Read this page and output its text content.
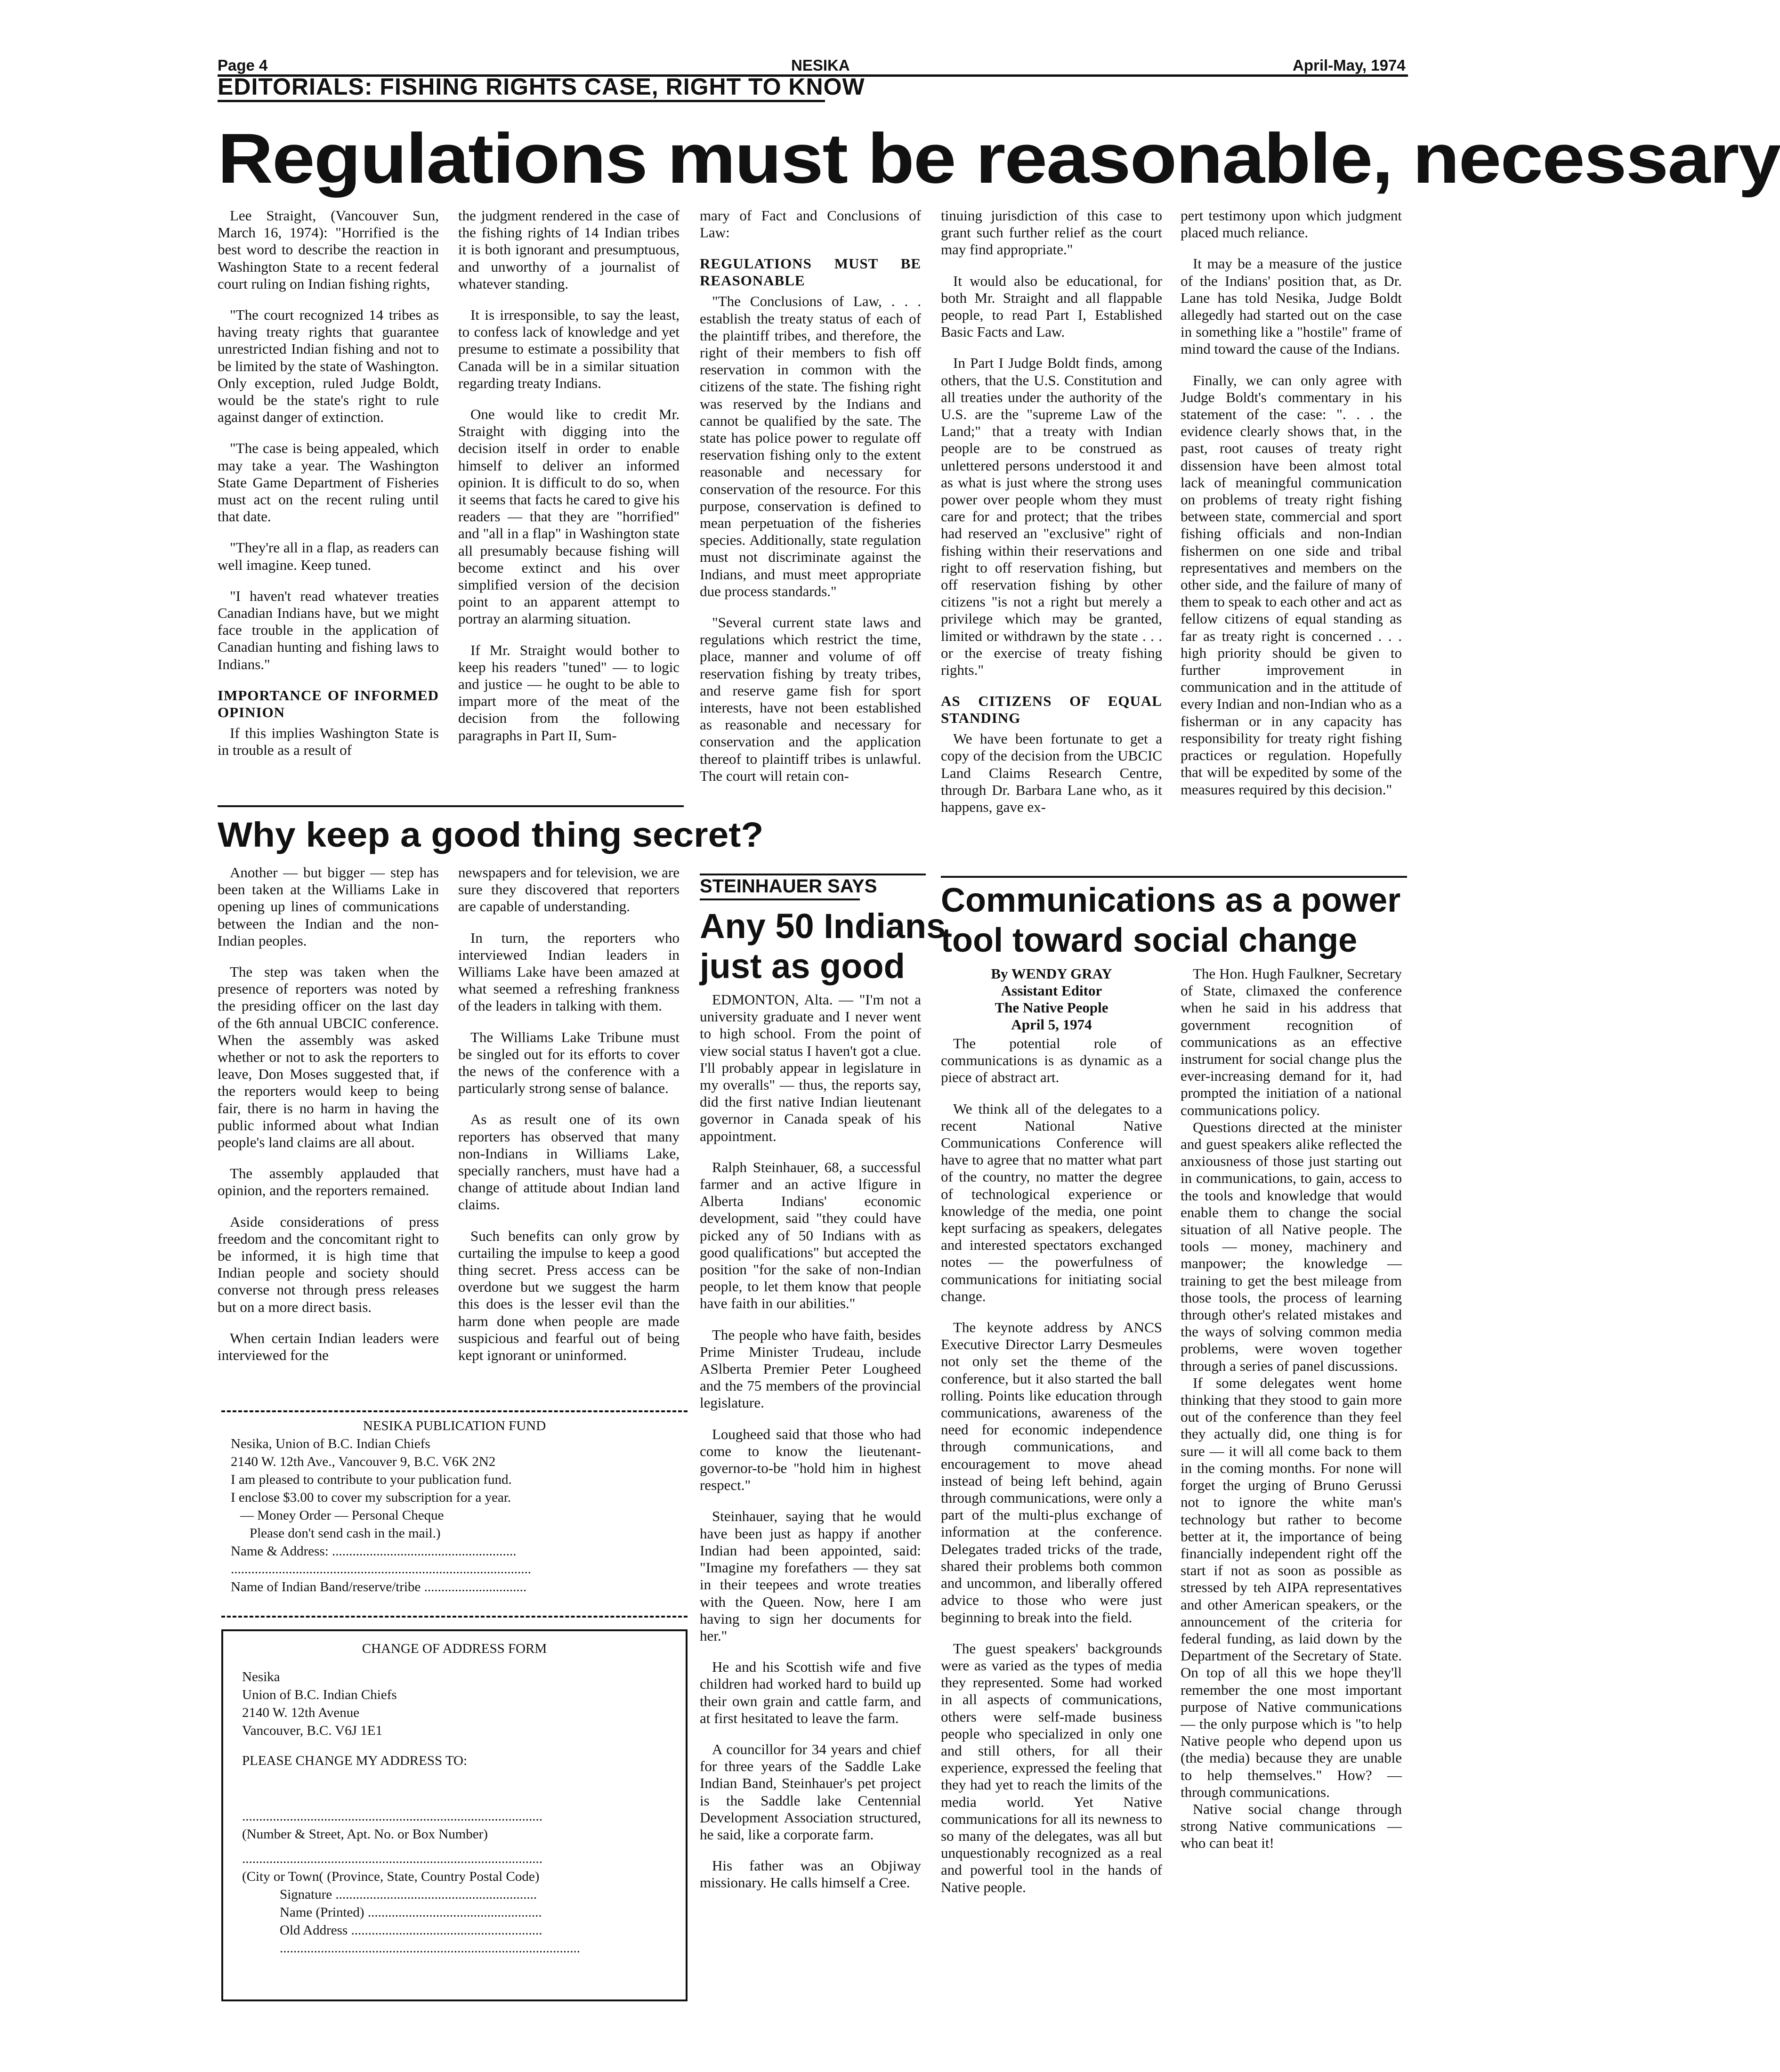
Page 4	NESIKA	April-May, 1974
EDITORIALS: FISHING RIGHTS CASE, RIGHT TO KNOW
Regulations must be reasonable, necessary

Lee Straight, (Vancouver Sun, March 16, 1974): "Horrified is the best word to describe the reaction in Washington State to a recent federal court ruling on Indian fishing rights,

"The court recognized 14 tribes as having treaty rights that guarantee unrestricted Indian fishing and not to be limited by the state of Washington. Only exception, ruled Judge Boldt, would be the state's right to rule against danger of extinction.

"The case is being appealed, which may take a year. The Washington State Game Department of Fisheries must act on the recent ruling until that date.

"They're all in a flap, as readers can well imagine. Keep tuned.

"I haven't read whatever treaties Canadian Indians have, but we might face trouble in the application of Canadian hunting and fishing laws to Indians."

IMPORTANCE OF INFORMED OPINION

If this implies Washington State is in trouble as a result of

the judgment rendered in the case of the fishing rights of 14 Indian tribes it is both ignorant and presumptuous, and unworthy of a journalist of whatever standing.

It is irresponsible, to say the least, to confess lack of knowledge and yet presume to estimate a possibility that Canada will be in a similar situation regarding treaty Indians.

One would like to credit Mr. Straight with digging into the decision itself in order to enable himself to deliver an informed opinion. It is difficult to do so, when it seems that facts he cared to give his readers — that they are "horrified" and "all in a flap" in Washington state all presumably because fishing will become extinct and his over simplified version of the decision point to an apparent attempt to portray an alarming situation.

If Mr. Straight would bother to keep his readers "tuned" — to logic and justice — he ought to be able to impart more of the meat of the decision from the following paragraphs in Part II, Sum-

mary of Fact and Conclusions of Law:

REGULATIONS MUST BE REASONABLE

"The Conclusions of Law, . . . establish the treaty status of each of the plaintiff tribes, and therefore, the right of their members to fish off reservation in common with the citizens of the state. The fishing right was reserved by the Indians and cannot be qualified by the sate. The state has police power to regulate off reservation fishing only to the extent reasonable and necessary for conservation of the resource. For this purpose, conservation is defined to mean perpetuation of the fisheries species. Additionally, state regulation must not discriminate against the Indians, and must meet appropriate due process standards."

"Several current state laws and regulations which restrict the time, place, manner and volume of off reservation fishing by treaty tribes, and reserve game fish for sport interests, have not been established as reasonable and necessary for conservation and the application thereof to plaintiff tribes is unlawful. The court will retain con-

tinuing jurisdiction of this case to grant such further relief as the court may find appropriate."

It would also be educational, for both Mr. Straight and all flappable people, to read Part I, Established Basic Facts and Law.

In Part I Judge Boldt finds, among others, that the U.S. Constitution and all treaties under the authority of the U.S. are the "supreme Law of the Land;" that a treaty with Indian people are to be construed as unlettered persons understood it and as what is just where the strong uses power over people whom they must care for and protect; that the tribes had reserved an "exclusive" right of fishing within their reservations and right to off reservation fishing, but off reservation fishing by other citizens "is not a right but merely a privilege which may be granted, limited or withdrawn by the state . . . or the exercise of treaty fishing rights."

AS CITIZENS OF EQUAL STANDING

We have been fortunate to get a copy of the decision from the UBCIC Land Claims Research Centre, through Dr. Barbara Lane who, as it happens, gave ex-

pert testimony upon which judgment placed much reliance.

It may be a measure of the justice of the Indians' position that, as Dr. Lane has told Nesika, Judge Boldt allegedly had started out on the case in something like a "hostile" frame of mind toward the cause of the Indians.

Finally, we can only agree with Judge Boldt's commentary in his statement of the case: ". . . the evidence clearly shows that, in the past, root causes of treaty right dissension have been almost total lack of meaningful communication on problems of treaty right fishing between state, commercial and sport fishing officials and non-Indian fishermen on one side and tribal representatives and members on the other side, and the failure of many of them to speak to each other and act as fellow citizens of equal standing as far as treaty right is concerned . . . high priority should be given to further improvement in communication and in the attitude of every Indian and non-Indian who as a fisherman or in any capacity has responsibility for treaty right fishing practices or regulation. Hopefully that will be expedited by some of the measures required by this decision."

Why keep a good thing secret?

Another — but bigger — step has been taken at the Williams Lake in opening up lines of communications between the Indian and the non-Indian peoples.

The step was taken when the presence of reporters was noted by the presiding officer on the last day of the 6th annual UBCIC conference. When the assembly was asked whether or not to ask the reporters to leave, Don Moses suggested that, if the reporters would keep to being fair, there is no harm in having the public informed about what Indian people's land claims are all about.

The assembly applauded that opinion, and the reporters remained.

Aside considerations of press freedom and the concomitant right to be informed, it is high time that Indian people and society should converse not through press releases but on a more direct basis.

When certain Indian leaders were interviewed for the

newspapers and for television, we are sure they discovered that reporters are capable of understanding.

In turn, the reporters who interviewed Indian leaders in Williams Lake have been amazed at what seemed a refreshing frankness of the leaders in talking with them.

The Williams Lake Tribune must be singled out for its efforts to cover the news of the conference with a particularly strong sense of balance.

As as result one of its own reporters has observed that many non-Indians in Williams Lake, specially ranchers, must have had a change of attitude about Indian land claims.

Such benefits can only grow by curtailing the impulse to keep a good thing secret. Press access can be overdone but we suggest the harm this does is the lesser evil than the harm done when people are made suspicious and fearful out of being kept ignorant or uninformed.

NESIKA PUBLICATION FUND
Nesika, Union of B.C. Indian Chiefs
2140 W. 12th Ave., Vancouver 9, B.C. V6K 2N2
I am pleased to contribute to your publication fund.
I enclose $3.00 to cover my subscription for a year.
— Money Order — Personal Cheque
Please don't send cash in the mail.)
Name & Address: ......................................................
........................................................................................
Name of Indian Band/reserve/tribe ..............................
CHANGE OF ADDRESS FORM
Nesika
Union of B.C. Indian Chiefs
2140 W. 12th Avenue
Vancouver, B.C. V6J 1E1
PLEASE CHANGE MY ADDRESS TO:
........................................................................................
(Number & Street, Apt. No. or Box Number)
........................................................................................
(City or Town( (Province, State, Country Postal Code)
Signature ...........................................................
Name (Printed) ...................................................
Old Address ........................................................
........................................................................................
STEINHAUER SAYS
Any 50 Indians
just as good

EDMONTON, Alta. — "I'm not a university graduate and I never went to high school. From the point of view social status I haven't got a clue. I'll probably appear in legislature in my overalls" — thus, the reports say, did the first native Indian lieutenant governor in Canada speak of his appointment.

Ralph Steinhauer, 68, a successful farmer and an active lfigure in Alberta Indians' economic development, said "they could have picked any of 50 Indians with as good qualifications" but accepted the position "for the sake of non-Indian people, to let them know that people have faith in our abilities."

The people who have faith, besides Prime Minister Trudeau, include ASlberta Premier Peter Lougheed and the 75 members of the provincial legislature.

Lougheed said that those who had come to know the lieutenant-governor-to-be "hold him in highest respect."

Steinhauer, saying that he would have been just as happy if another Indian had been appointed, said: "Imagine my forefathers — they sat in their teepees and wrote treaties with the Queen. Now, here I am having to sign her documents for her."

He and his Scottish wife and five children had worked hard to build up their own grain and cattle farm, and at first hesitated to leave the farm.

A councillor for 34 years and chief for three years of the Saddle Lake Indian Band, Steinhauer's pet project is the Saddle lake Centennial Development Association structured, he said, like a corporate farm.

His father was an Objiway missionary. He calls himself a Cree.

Communications as a power
tool toward social change
By WENDY GRAY
Assistant Editor
The Native People
April 5, 1974

The potential role of communications is as dynamic as a piece of abstract art.

We think all of the delegates to a recent National Native Communications Conference will have to agree that no matter what part of the country, no matter the degree of technological experience or knowledge of the media, one point kept surfacing as speakers, delegates and interested spectators exchanged notes — the powerfulness of communications for initiating social change.

The keynote address by ANCS Executive Director Larry Desmeules not only set the theme of the conference, but it also started the ball rolling. Points like education through communications, awareness of the need for economic independence through communications, and encouragement to move ahead instead of being left behind, again through communications, were only a part of the multi-plus exchange of information at the conference. Delegates traded tricks of the trade, shared their problems both common and uncommon, and liberally offered advice to those who were just beginning to break into the field.

The guest speakers' backgrounds were as varied as the types of media they represented. Some had worked in all aspects of communications, others were self-made business people who specialized in only one and still others, for all their experience, expressed the feeling that they had yet to reach the limits of the media world. Yet Native communications for all its newness to so many of the delegates, was all but unquestionably recognized as a real and powerful tool in the hands of Native people.

The Hon. Hugh Faulkner, Secretary of State, climaxed the conference when he said in his address that government recognition of communications as an effective instrument for social change plus the ever-increasing demand for it, had prompted the initiation of a national communications policy.

Questions directed at the minister and guest speakers alike reflected the anxiousness of those just starting out in communications, to gain, access to the tools and knowledge that would enable them to change the social situation of all Native people. The tools — money, machinery and manpower; the knowledge — training to get the best mileage from those tools, the process of learning through other's related mistakes and the ways of solving common media problems, were woven together through a series of panel discussions.

If some delegates went home thinking that they stood to gain more out of the conference than they feel they actually did, one thing is for sure — it will all come back to them in the coming months. For none will forget the urging of Bruno Gerussi not to ignore the white man's technology but rather to become better at it, the importance of being financially independent right off the start if not as soon as possible as stressed by teh AIPA representatives and other American speakers, or the announcement of the criteria for federal funding, as laid down by the Department of the Secretary of State. On top of all this we hope they'll remember the one most important purpose of Native communications — the only purpose which is "to help Native people who depend upon us (the media) because they are unable to help themselves." How? — through communications.

Native social change through strong Native communications — who can beat it!
